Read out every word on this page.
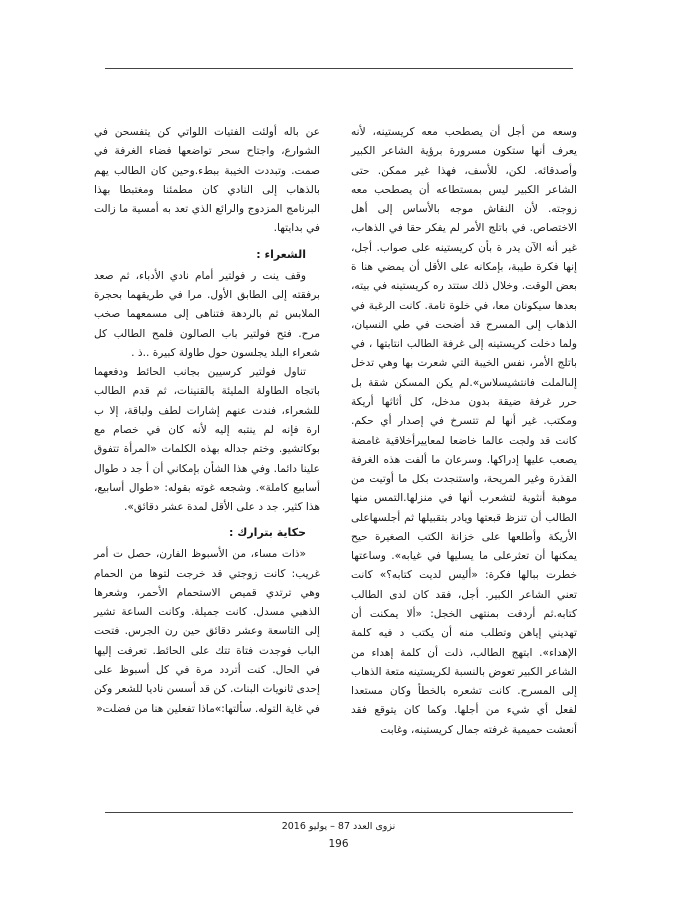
وسعه من أجل أن يصطحب معه كريستينه، لأنه يعرف أنها ستكون مسرورة برؤية الشاعر الكبير وأصدقائه. لكن، للأسف، فهذا غير ممكن. حتى الشاعر الكبير ليس بمستطاعه أن يصطحب معه زوجته. لأن النقاش موجه بالأساس إلى أهل الاختصاص. في باتلج الأمر لم يفكر حقا في الذهاب، غير أنه الآن يدر ة بأن كريستينه على صواب. أجل، إنها فكرة طيبة، بإمكانه على الأقل أن يمضي هنا ة بعض الوقت. وخلال ذلك ستتد ره كريستينه في بيته، بعدها سيكونان معا، في خلوة تامة. كانت الرغبة في الذهاب إلى المسرح قد أضحت في طي النسيان، ولما دخلت كريستينه إلى غرفة الطالب انتابتها ، في باتلج الأمر، نفس الخيبة التي شعرت بها وهي تدخل إلىالملت فانتشيسلاس».لم يكن المسكن شقة بل حرر غرفة ضيقة بدون مدخل، كل أثاثها أريكة ومكتب. غير أنها لم تتسرخ في إصدار أي حكم. كانت قد ولجت عالما خاضعا لمعاييرأخلاقية غامضة يصعب عليها إدراكها. وسرعان ما ألفت هذه الغرفة القذرة وغير المريحة، واستنجدت بكل ما أوتيت من موهبة أنثوية لتشعرب أنها في منزلها.التمس منها الطالب أن تنزظ قبعتها ويادر بتقبيلها ثم أجلسهاعلى الأريكة وأطلعها على خزانة الكتب الصغيرة حيح يمكنها أن تعثرعلى ما يسليها في غيابه». وساعتها خطرت ببالها فكرة: «أليس لديت كتابه؟» كانت تعني الشاعر الكبير. أجل، فقد كان لدى الطالب كتابه.ثم أردفت بمنتهى الخجل: «ألا يمكنت أن تهديني إياهن وتطلب منه أن يكتب د فيه كلمة الإهداء». ابتهج الطالب، ذلت أن كلمة إهداء من الشاعر الكبير تعوض بالنسبة لكريستينه متعة الذهاب إلى المسرح. كانت تشعره بالخطأ وكان مستعدا لفعل أي شيء من أجلها. وكما كان يتوقع فقد أنعشت حميمية غرفته جمال كريستينه، وغابت

عن باله أولئت الفتيات اللواتي كن يتفسحن في الشوارع، واجتاح سحر تواضعها فضاء الغرفة في صمت. وتبددت الخيبة ببطء.وحين كان الطالب يهم بالذهاب إلى النادي كان مطمئنا ومغتبطا بهذا البرنامج المزدوج والرائع الذي تعد به أمسية ما زالت في بدايتها.

الشعراء :

وقف ينت ر فولتير أمام نادي الأدباء، ثم صعد برفقته إلى الطابق الأول. مرا في طريقهما بحجرة الملابس ثم بالردهة فتناهى إلى مسمعهما صخب مرح. فتح فولتير باب الصالون فلمح الطالب كل شعراء البلد يجلسون حول طاولة كبيرة ..ذ .

تناول فولتير كرسيين بجانب الحائط ودفعهما باتجاه الطاولة المليئة بالقنينات، ثم قدم الطالب للشعراء، فندت عنهم إشارات لطف ولباقة، إلا ب ارة فإنه لم ينتبه إليه لأنه كان في خصام مع بوكاتشيو. وختم جداله بهذه الكلمات «المرأة تتفوق علينا دائما. وفي هذا الشأن بإمكاني أن أ جد د طوال أسابيع كاملة». وشجعه غوته بقوله: «طوال أسابيع، هذا كثير. جد د على الأقل لمدة عشر دقائق».

حكاية بترارك :

«ذات مساء، من الأسبوظ الفارن، حصل ت أمر غريب: كانت زوجتي قد خرجت لتوها من الحمام وهي ترتدي قميص الاستحمام الأحمر، وشعرها الذهبي مسدل. كانت جميلة. وكانت الساعة تشير إلى التاسعة وعشر دقائق حين رن الجرس. فتحت الباب فوجدت فتاة تتك على الحائط. تعرفت إليها في الحال. كنت أتردد مرة في كل أسبوظ على إحدى ثانويات البنات. كن قد أسسن ناديا للشعر وكن في غاية التوله. سألتها:»ماذا تفعلين هنا من فضلت«

نزوى العدد 87 – يوليو 2016
196
